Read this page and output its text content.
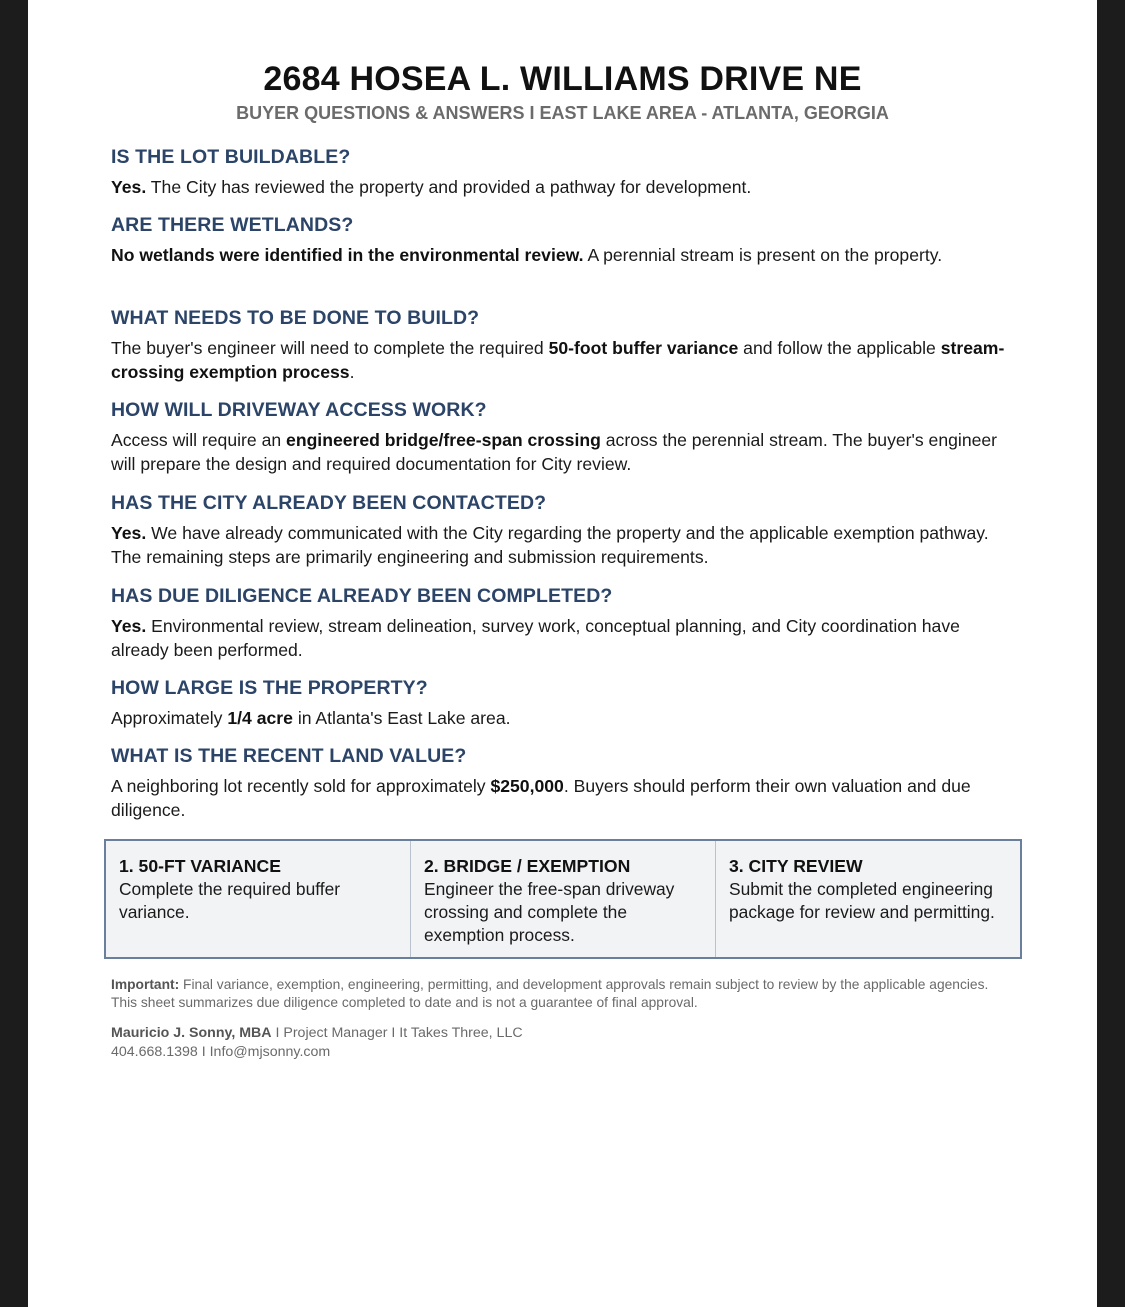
2684 HOSEA L. WILLIAMS DRIVE NE
BUYER QUESTIONS & ANSWERS I EAST LAKE AREA - ATLANTA, GEORGIA

IS THE LOT BUILDABLE?

Yes. The City has reviewed the property and provided a pathway for development.

ARE THERE WETLANDS?

No wetlands were identified in the environmental review. A perennial stream is present on the property.

WHAT NEEDS TO BE DONE TO BUILD?

The buyer's engineer will need to complete the required 50-foot buffer variance and follow the applicable stream-crossing exemption process.

HOW WILL DRIVEWAY ACCESS WORK?

Access will require an engineered bridge/free-span crossing across the perennial stream. The buyer's engineer will prepare the design and required documentation for City review.

HAS THE CITY ALREADY BEEN CONTACTED?

Yes. We have already communicated with the City regarding the property and the applicable exemption pathway. The remaining steps are primarily engineering and submission requirements.

HAS DUE DILIGENCE ALREADY BEEN COMPLETED?

Yes. Environmental review, stream delineation, survey work, conceptual planning, and City coordination have already been performed.

HOW LARGE IS THE PROPERTY?

Approximately 1/4 acre in Atlanta's East Lake area.

WHAT IS THE RECENT LAND VALUE?

A neighboring lot recently sold for approximately $250,000. Buyers should perform their own valuation and due diligence.

1. 50-FT VARIANCE
Complete the required buffer variance.
2. BRIDGE / EXEMPTION
Engineer the free-span driveway crossing and complete the exemption process.
3. CITY REVIEW
Submit the completed engineering package for review and permitting.
Important: Final variance, exemption, engineering, permitting, and development approvals remain subject to review by the applicable agencies. This sheet summarizes due diligence completed to date and is not a guarantee of final approval.
Mauricio J. Sonny, MBA I Project Manager I It Takes Three, LLC
404.668.1398 I Info@mjsonny.com
